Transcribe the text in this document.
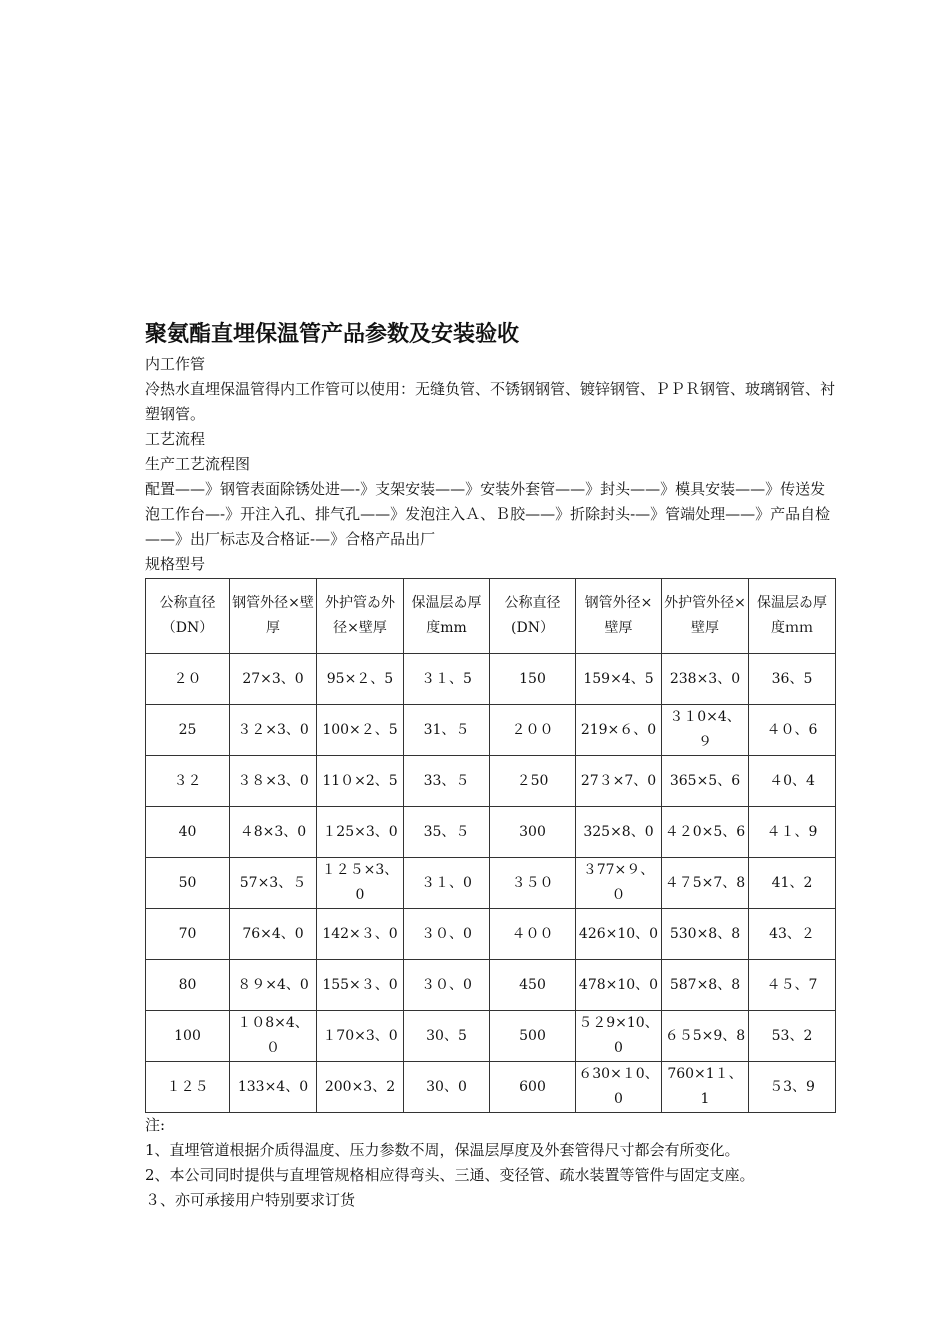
聚氨酯直埋保温管产品参数及安装验收

内工作管

冷热水直埋保温管得内工作管可以使用：无缝负管、不锈钢钢管、镀锌钢管、ＰＰＲ钢管、玻璃钢管、衬塑钢管。

工艺流程

生产工艺流程图

配置——》钢管表面除锈处进—-》支架安装——》安装外套管——》封头——》模具安装——》传送发泡工作台—-》开注入孔、排气孔——》发泡注入Ａ、Ｂ胶——》折除封头-—》管端处理——》产品自检——》出厂标志及合格证-—》合格产品出厂

规格型号

公称直径（DN）	钢管外径×壁厚	外护管ゐ外径×壁厚	保温层ゐ厚度mm	公称直径(DN）	钢管外径×壁厚	外护管外径×壁厚	保温层ゐ厚度ｍｍ
２０	27×3、0	95×２、5	３１、5	150	159×4、5	238×3、0	36、5
25	３２×3、0	100×２、5	31、５	２００	219×６、0	３１0×4、９	４０、6
３２	３８×3、0	11０×2、5	33、５	２50	27３×7、0	365×5、6	４0、4
40	４8×3、0	１25×3、0	35、５	300	325×8、0	４２0×5、6	４１、9
50	57×3、５	１２５×3、0	３１、0	３５０	３77×９、０	４７5×7、8	41、2
70	76×4、0	142×３、0	３０、0	４００	426×10、0	530×8、8	43、２
80	８９×4、0	155×３、0	３０、0	450	478×10、0	587×8、8	４５、7
100	１０8×4、０	１70×3、0	30、5	500	５２9×10、0	６５5×9、8	53、2
１２５	133×4、0	200×3、2	30、0	600	６30×１0、0	760×1１、1	５3、9

注:

1、直埋管道根据介质得温度、压力参数不周，保温层厚度及外套管得尺寸都会有所变化。

2、本公司同时提供与直埋管规格相应得弯头、三通、变径管、疏水装置等管件与固定支座。

３、亦可承接用户特别要求订货
